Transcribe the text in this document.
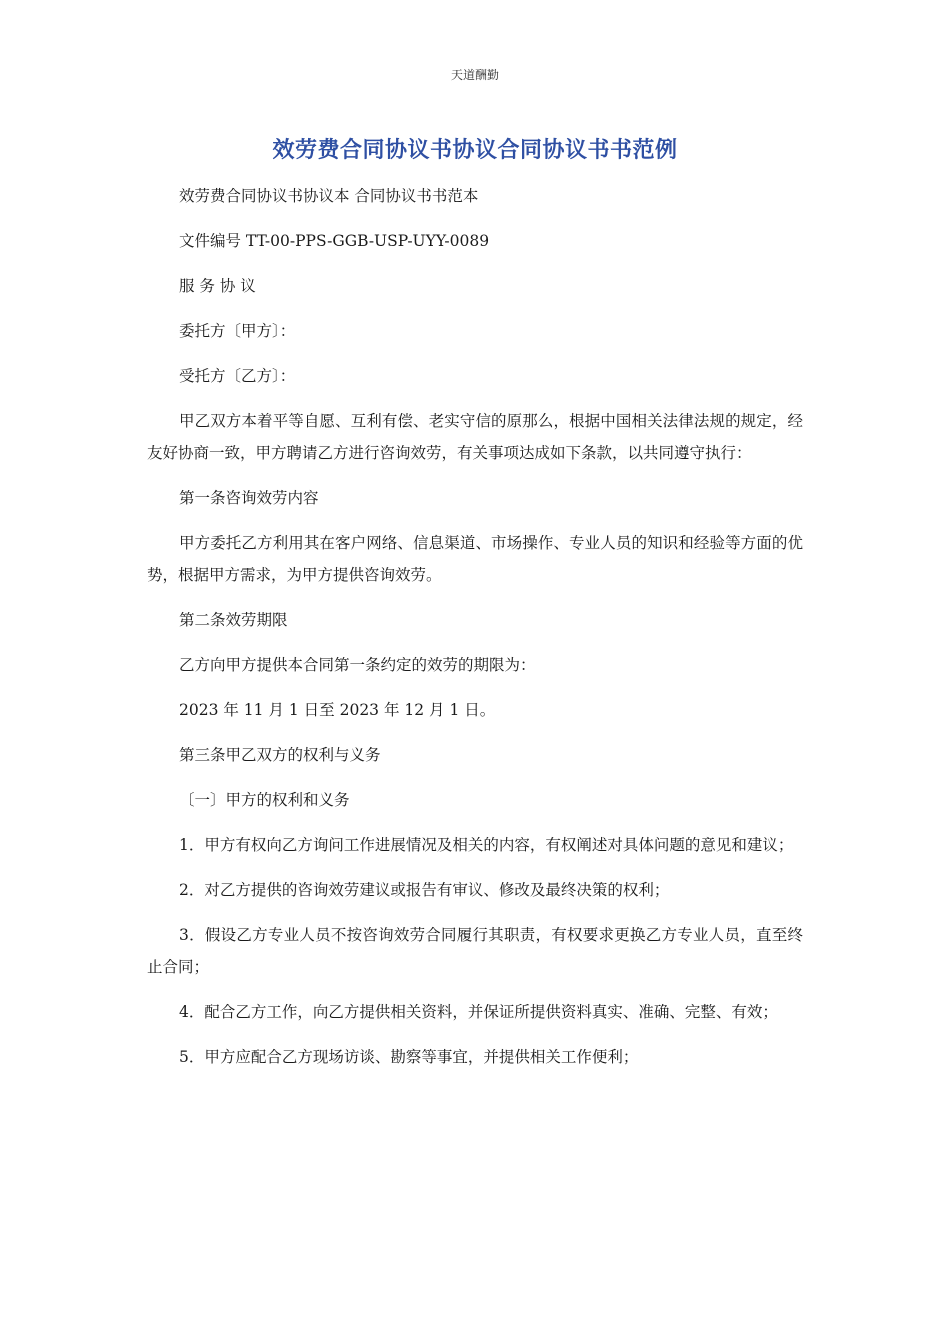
天道酬勤
效劳费合同协议书协议合同协议书书范例

效劳费合同协议书协议本 合同协议书书范本

文件编号 TT-00-PPS-GGB-USP-UYY-0089

服 务 协 议

委托方〔甲方〕：

受托方〔乙方〕：

甲乙双方本着平等自愿、互利有偿、老实守信的原那么，根据中国相关法律法规的规定，经友好协商一致，甲方聘请乙方进行咨询效劳，有关事项达成如下条款，以共同遵守执行：

第一条咨询效劳内容

甲方委托乙方利用其在客户网络、信息渠道、市场操作、专业人员的知识和经验等方面的优势，根据甲方需求，为甲方提供咨询效劳。

第二条效劳期限

乙方向甲方提供本合同第一条约定的效劳的期限为：

2023 年 11 月 1 日至 2023 年 12 月 1 日。

第三条甲乙双方的权利与义务

〔一〕甲方的权利和义务

1．甲方有权向乙方询问工作进展情况及相关的内容，有权阐述对具体问题的意见和建议；

2．对乙方提供的咨询效劳建议或报告有审议、修改及最终决策的权利；

3．假设乙方专业人员不按咨询效劳合同履行其职责，有权要求更换乙方专业人员，直至终止合同；

4．配合乙方工作，向乙方提供相关资料，并保证所提供资料真实、准确、完整、有效；

5．甲方应配合乙方现场访谈、勘察等事宜，并提供相关工作便利；
